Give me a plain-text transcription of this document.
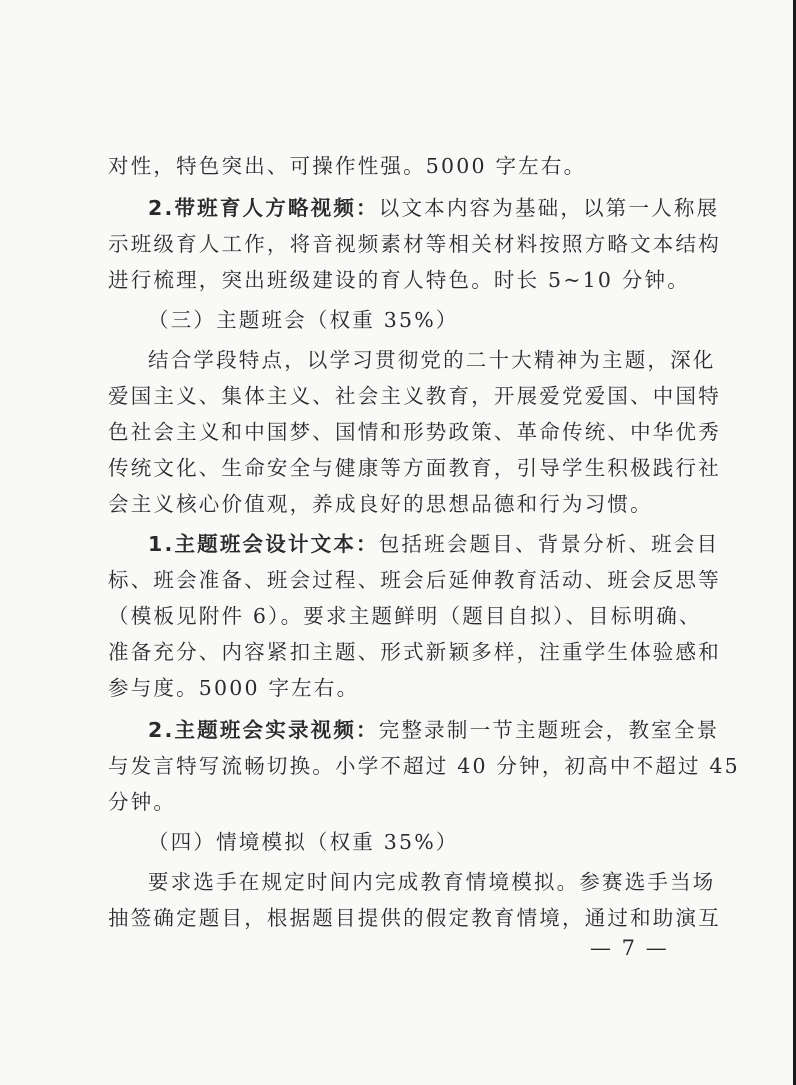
对性，特色突出、可操作性强。5000 字左右。
2.带班育人方略视频：以文本内容为基础，以第一人称展
示班级育人工作，将音视频素材等相关材料按照方略文本结构
进行梳理，突出班级建设的育人特色。时长 5~10 分钟。
（三）主题班会（权重 35%）
结合学段特点，以学习贯彻党的二十大精神为主题，深化
爱国主义、集体主义、社会主义教育，开展爱党爱国、中国特
色社会主义和中国梦、国情和形势政策、革命传统、中华优秀
传统文化、生命安全与健康等方面教育，引导学生积极践行社
会主义核心价值观，养成良好的思想品德和行为习惯。
1.主题班会设计文本：包括班会题目、背景分析、班会目
标、班会准备、班会过程、班会后延伸教育活动、班会反思等
（模板见附件 6）。要求主题鲜明（题目自拟）、目标明确、
准备充分、内容紧扣主题、形式新颖多样，注重学生体验感和
参与度。5000 字左右。
2.主题班会实录视频：完整录制一节主题班会，教室全景
与发言特写流畅切换。小学不超过 40 分钟，初高中不超过 45
分钟。
（四）情境模拟（权重 35%）
要求选手在规定时间内完成教育情境模拟。参赛选手当场
抽签确定题目，根据题目提供的假定教育情境，通过和助演互
— 7 —
